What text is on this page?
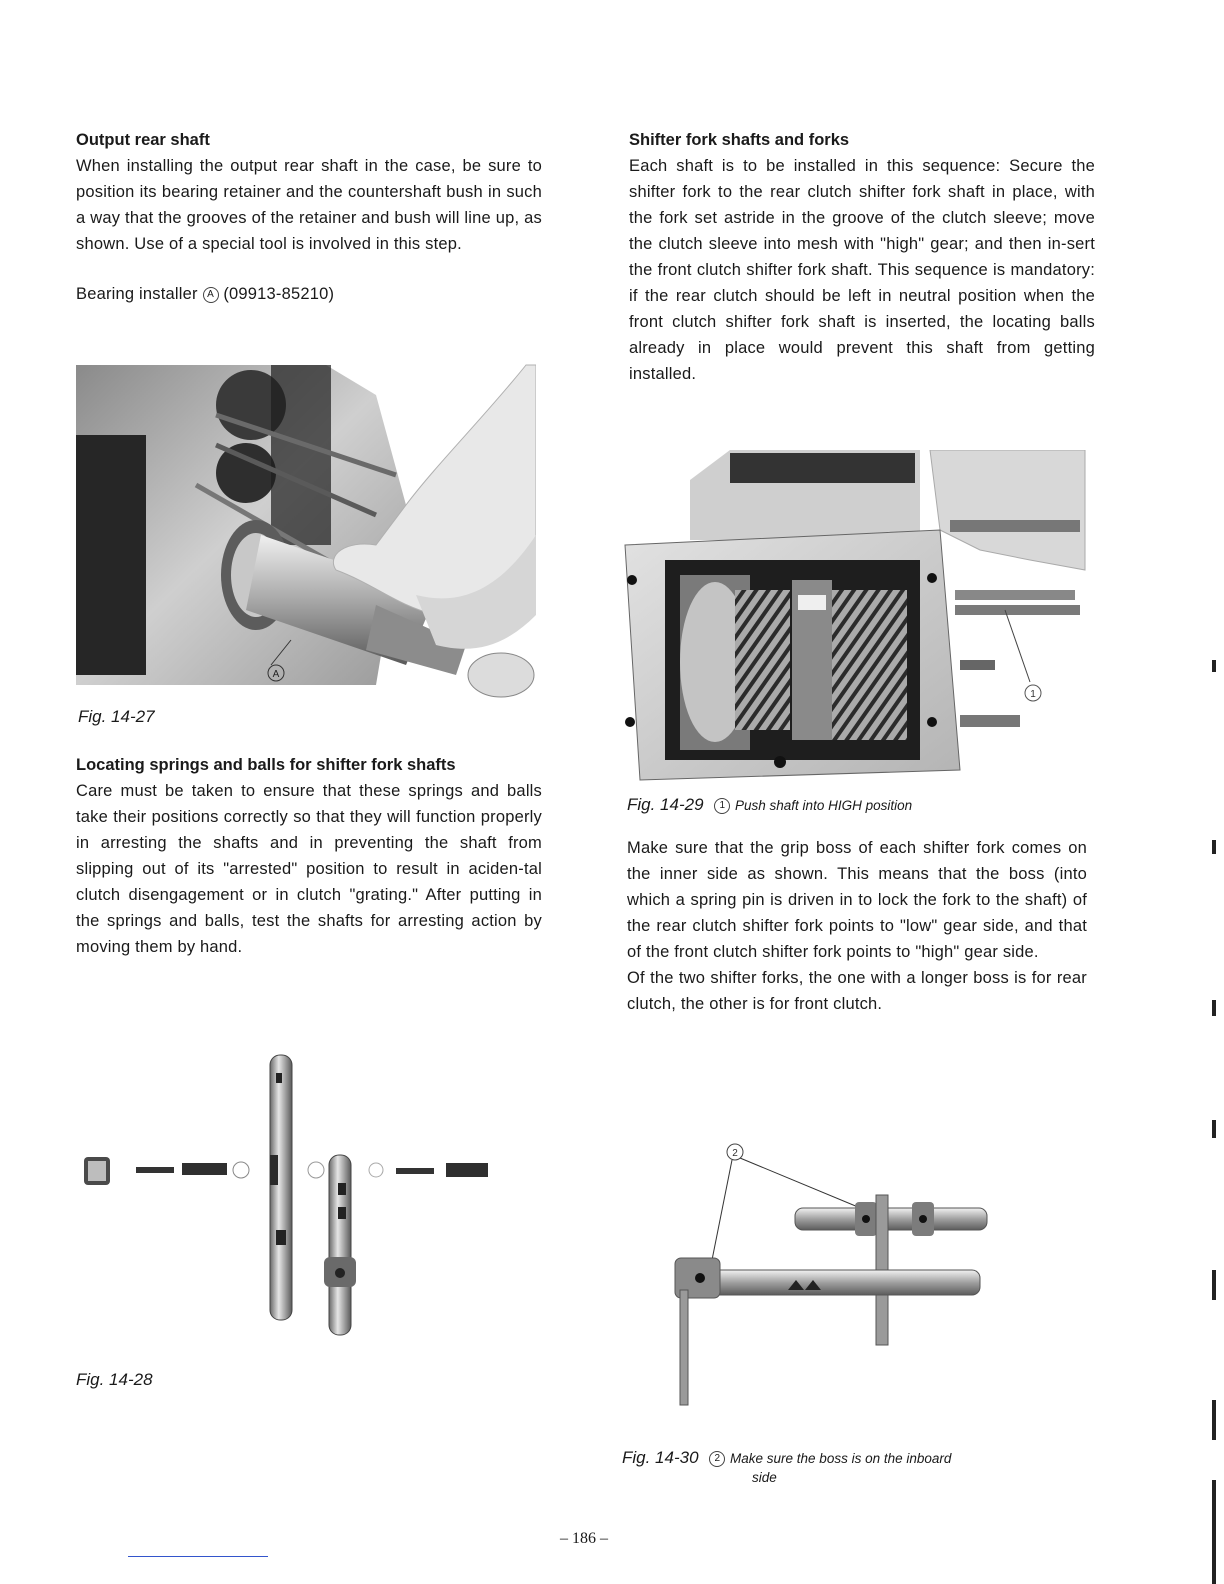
Output rear shaft

When installing the output rear shaft in the case, be sure to position its bearing retainer and the countershaft bush in such a way that the grooves of the retainer and bush will line up, as shown. Use of a special tool is involved in this step.

Bearing installer A (09913-85210)

A
Fig. 14-27

Locating springs and balls for shifter fork shafts

Care must be taken to ensure that these springs and balls take their positions correctly so that they will function properly in arresting the shafts and in preventing the shaft from slipping out of its "arrested" position to result in aciden-tal clutch disengagement or in clutch "grating." After putting in the springs and balls, test the shafts for arresting action by moving them by hand.

Fig. 14-28

Shifter fork shafts and forks

Each shaft is to be installed in this sequence: Secure the shifter fork to the rear clutch shifter fork shaft in place, with the fork set astride in the groove of the clutch sleeve; move the clutch sleeve into mesh with "high" gear; and then in-sert the front clutch shifter fork shaft. This sequence is mandatory: if the rear clutch should be left in neutral position when the front clutch shifter fork shaft is inserted, the locating balls already in place would prevent this shaft from getting installed.

1
Fig. 14-29 1 Push shaft into HIGH position

Make sure that the grip boss of each shifter fork comes on the inner side as shown. This means that the boss (into which a spring pin is driven in to lock the fork to the shaft) of the rear clutch shifter fork points to "low" gear side, and that of the front clutch shifter fork points to "high" gear side.

Of the two shifter forks, the one with a longer boss is for rear clutch, the other is for front clutch.

2
Fig. 14-30 2 Make sure the boss is on the inboard
side
– 186 –
